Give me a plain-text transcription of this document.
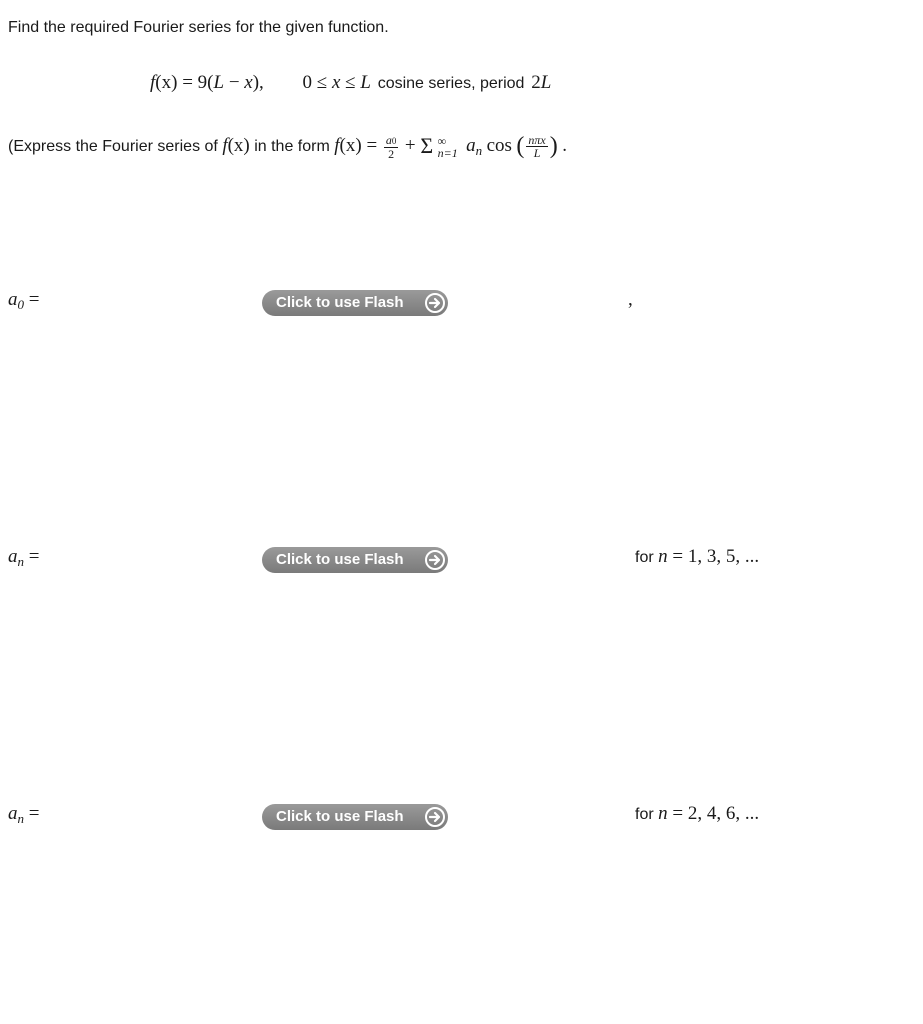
Find the required Fourier series for the given function.
f(x) = 9(L − x), 0 ≤ x ≤ L cosine series, period 2L
(Express the Fourier series of f(x) in the form $f(x) = \frac{a0}{2} + \Sigma$ ∞
n=1 $a_n$ cos ( $\frac{\text{nπx}}{L}$ ) .
$a_0$ =	Click to use Flash	,
$a_n$ =	Click to use Flash	for n = 1, 3, 5, ...
$a_n$ =	Click to use Flash	for n = 2, 4, 6, ...
